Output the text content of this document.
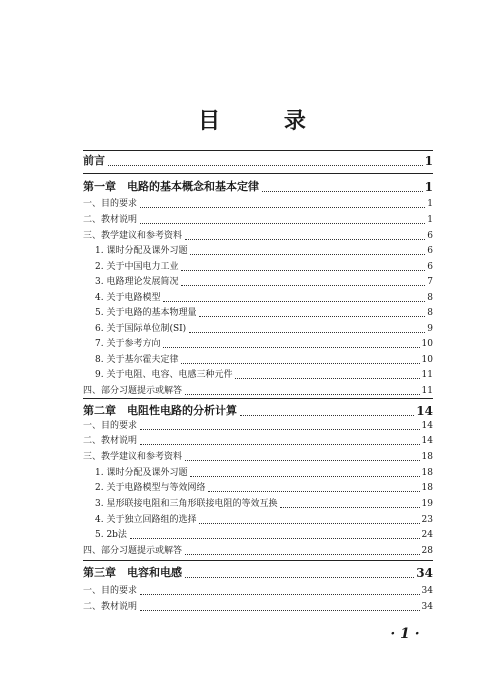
目 录
前言	1
第一章　电路的基本概念和基本定律	1
一、目的要求	1
二、教材说明	1
三、教学建议和参考资料	6
1. 课时分配及课外习题	6
2. 关于中国电力工业	6
3. 电路理论发展简况	7
4. 关于电路模型	8
5. 关于电路的基本物理量	8
6. 关于国际单位制(SI)	9
7. 关于参考方向	10
8. 关于基尔霍夫定律	10
9. 关于电阻、电容、电感三种元件	11
四、部分习题提示或解答	11
第二章　电阻性电路的分析计算	14
一、目的要求	14
二、教材说明	14
三、教学建议和参考资料	18
1. 课时分配及课外习题	18
2. 关于电路模型与等效网络	18
3. 星形联接电阻和三角形联接电阻的等效互换	19
4. 关于独立回路组的选择	23
5. 2b法	24
四、部分习题提示或解答	28
第三章　电容和电感	34
一、目的要求	34
二、教材说明	34
· 1 ·
